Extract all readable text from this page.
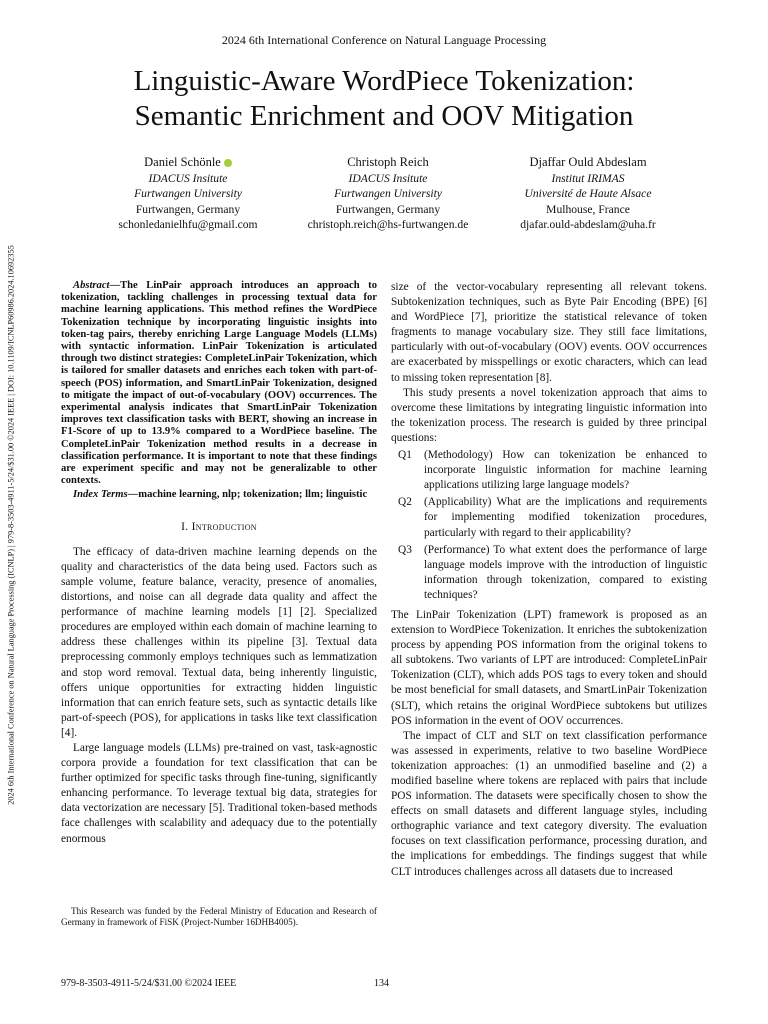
2024 6th International Conference on Natural Language Processing
2024 6th International Conference on Natural Language Processing (ICNLP) | 979-8-3503-4911-5/24/$31.00 ©2024 IEEE | DOI: 10.1109/ICNLP60986.2024.10692355
Linguistic-Aware WordPiece Tokenization:
Semantic Enrichment and OOV Mitigation
Daniel Schönle
IDACUS Insitute
Furtwangen University
Furtwangen, Germany
schonledanielhfu@gmail.com
Christoph Reich
IDACUS Insitute
Furtwangen University
Furtwangen, Germany
christoph.reich@hs-furtwangen.de
Djaffar Ould Abdeslam
Institut IRIMAS
Université de Haute Alsace
Mulhouse, France
djafar.ould-abdeslam@uha.fr

Abstract—The LinPair approach introduces an approach to tokenization, tackling challenges in processing textual data for machine learning applications. This method refines the WordPiece Tokenization technique by incorporating linguistic insights into token-tag pairs, thereby enriching Large Language Models (LLMs) with syntactic information. LinPair Tokenization is articulated through two distinct strategies: CompleteLinPair Tokenization, which is tailored for smaller datasets and enriches each token with part-of-speech (POS) information, and SmartLinPair Tokenization, designed to mitigate the impact of out-of-vocabulary (OOV) occurrences. The experimental analysis indicates that SmartLinPair Tokenization improves text classification tasks with BERT, showing an increase in F1-Score of up to 13.9% compared to a WordPiece baseline. The CompleteLinPair Tokenization method results in a decrease in classification performance. It is important to note that these findings are experiment specific and may not be generalizable to other contexts.

Index Terms—machine learning, nlp; tokenization; llm; linguistic

I. Introduction

The efficacy of data-driven machine learning depends on the quality and characteristics of the data being used. Factors such as sample volume, feature balance, veracity, presence of anomalies, distortions, and noise can all degrade data quality and affect the performance of machine learning models [1] [2]. Specialized procedures are employed within each domain of machine learning to address these challenges within its pipeline [3]. Textual data preprocessing commonly employs techniques such as lemmatization and stop word removal. Textual data, being inherently linguistic, offers unique opportunities for extracting hidden linguistic information that can enrich feature sets, such as syntactic details like part-of-speech (POS), for applications in tasks like text classification [4].

Large language models (LLMs) pre-trained on vast, task-agnostic corpora provide a foundation for text classification that can be further optimized for specific tasks through fine-tuning, significantly enhancing performance. To leverage textual big data, strategies for data vectorization are necessary [5]. Traditional token-based methods face challenges with scalability and adequacy due to the potentially enormous

size of the vector-vocabulary representing all relevant tokens. Subtokenization techniques, such as Byte Pair Encoding (BPE) [6] and WordPiece [7], prioritize the statistical relevance of token fragments to manage vocabulary size. They still face limitations, particularly with out-of-vocabulary (OOV) events. OOV occurrences are exacerbated by misspellings or exotic characters, which can lead to missing token representation [8].

This study presents a novel tokenization approach that aims to overcome these limitations by integrating linguistic information into the tokenization process. The research is guided by three principal questions:

Q1	(Methodology) How can tokenization be enhanced to incorporate linguistic information for machine learning applications utilizing large language models?
Q2	(Applicability) What are the implications and requirements for implementing modified tokenization procedures, particularly with regard to their applicability?
Q3	(Performance) To what extent does the performance of large language models improve with the introduction of linguistic information through tokenization, compared to existing techniques?

The LinPair Tokenization (LPT) framework is proposed as an extension to WordPiece Tokenization. It enriches the subtokenization process by appending POS information from the original tokens to all subtokens. Two variants of LPT are introduced: CompleteLinPair Tokenization (CLT), which adds POS tags to every token and should be most beneficial for small datasets, and SmartLinPair Tokenization (SLT), which retains the original WordPiece subtokens but utilizes POS information in the event of OOV occurrences.

The impact of CLT and SLT on text classification performance was assessed in experiments, relative to two baseline WordPiece tokenization approaches: (1) an unmodified baseline and (2) a modified baseline where tokens are replaced with pairs that include POS information. The datasets were specifically chosen to show the effects on small datasets and different language styles, including orthographic variance and text category diversity. The evaluation focuses on text classification performance, processing duration, and the implications for embeddings. The findings suggest that while CLT introduces challenges across all datasets due to increased

This Research was funded by the Federal Ministry of Education and Research of Germany in framework of FiSK (Project-Number 16DHB4005).
979-8-3503-4911-5/24/$31.00 ©2024 IEEE	134
